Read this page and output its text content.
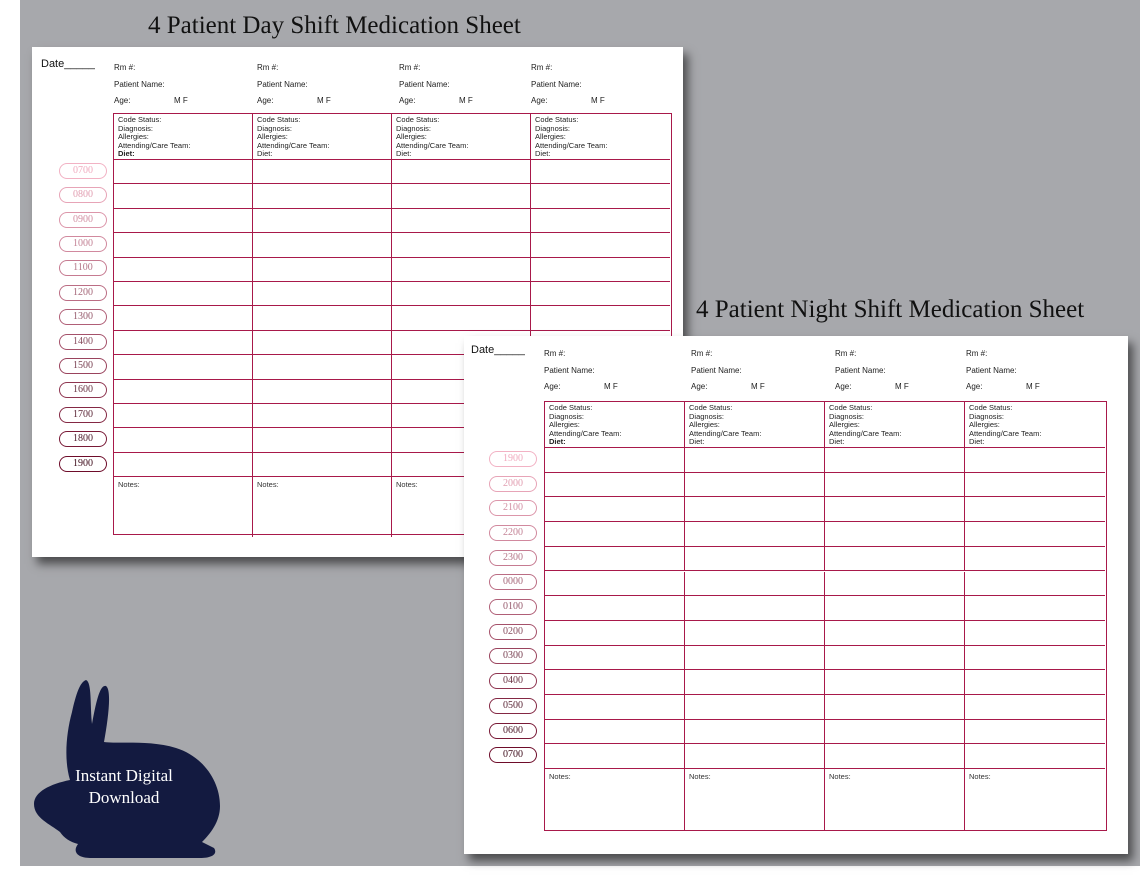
4 Patient Day Shift Medication Sheet
4 Patient Night Shift Medication Sheet
Date_____ Rm #:
Patient Name:
Age:	M F
Rm #:
Patient Name:
Age:	M F
Rm #:
Patient Name:
Age:	M F
Rm #:
Patient Name:
Age:	M F
Code Status:
Diagnosis:
Allergies:
Attending/Care Team:
Diet:
Code Status:
Diagnosis:
Allergies:
Attending/Care Team:
Diet:
Code Status:
Diagnosis:
Allergies:
Attending/Care Team:
Diet:
Code Status:
Diagnosis:
Allergies:
Attending/Care Team:
Diet:
Notes:	Notes:	Notes:
0700
0800
0900
1000
1100
1200
1300
1400
1500
1600
1700
1800
1900
Date_____ Rm #:
Patient Name:
Age:	M F
Rm #:
Patient Name:
Age:	M F
Rm #:
Patient Name:
Age:	M F
Rm #:
Patient Name:
Age:	M F
Code Status:
Diagnosis:
Allergies:
Attending/Care Team:
Diet:
Code Status:
Diagnosis:
Allergies:
Attending/Care Team:
Diet:
Code Status:
Diagnosis:
Allergies:
Attending/Care Team:
Diet:
Code Status:
Diagnosis:
Allergies:
Attending/Care Team:
Diet:
Notes:	Notes:	Notes:	Notes:
1900
2000
2100
2200
2300
0000
0100
0200
0300
0400
0500
0600
0700
Instant Digital Download
